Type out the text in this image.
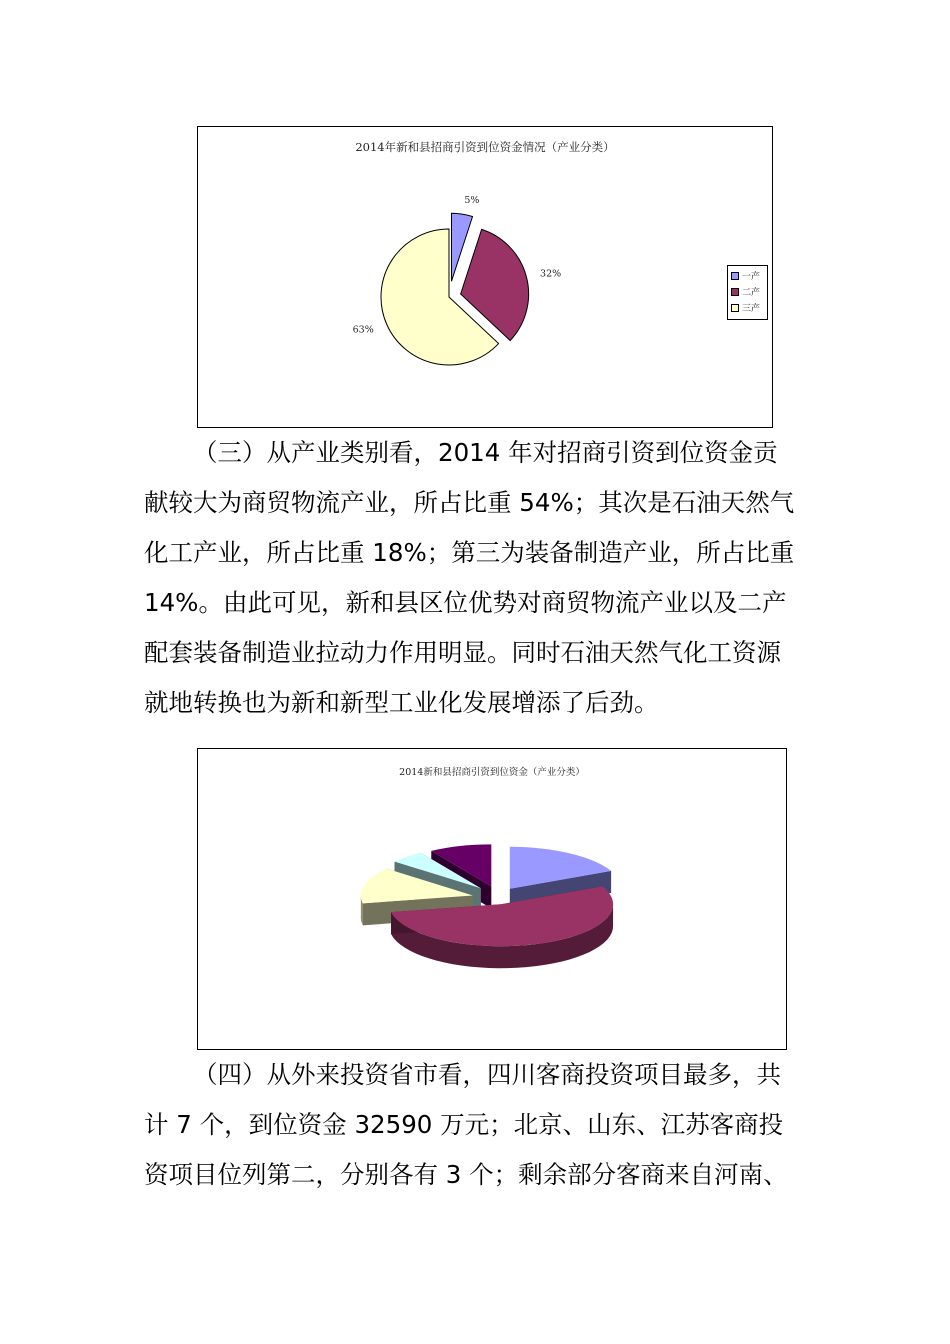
2014年新和县招商引资到位资金情况（产业分类）
5%
32%
63%
一产
二产
三产
（三）从产业类别看，2014 年对招商引资到位资金贡
献较大为商贸物流产业，所占比重 54%；其次是石油天然气
化工产业，所占比重 18%；第三为装备制造产业，所占比重
14%。由此可见，新和县区位优势对商贸物流产业以及二产
配套装备制造业拉动力作用明显。同时石油天然气化工资源
就地转换也为新和新型工业化发展增添了后劲。
2014新和县招商引资到位资金（产业分类）
（四）从外来投资省市看，四川客商投资项目最多，共
计 7 个，到位资金 32590 万元；北京、山东、江苏客商投
资项目位列第二，分别各有 3 个；剩余部分客商来自河南、
